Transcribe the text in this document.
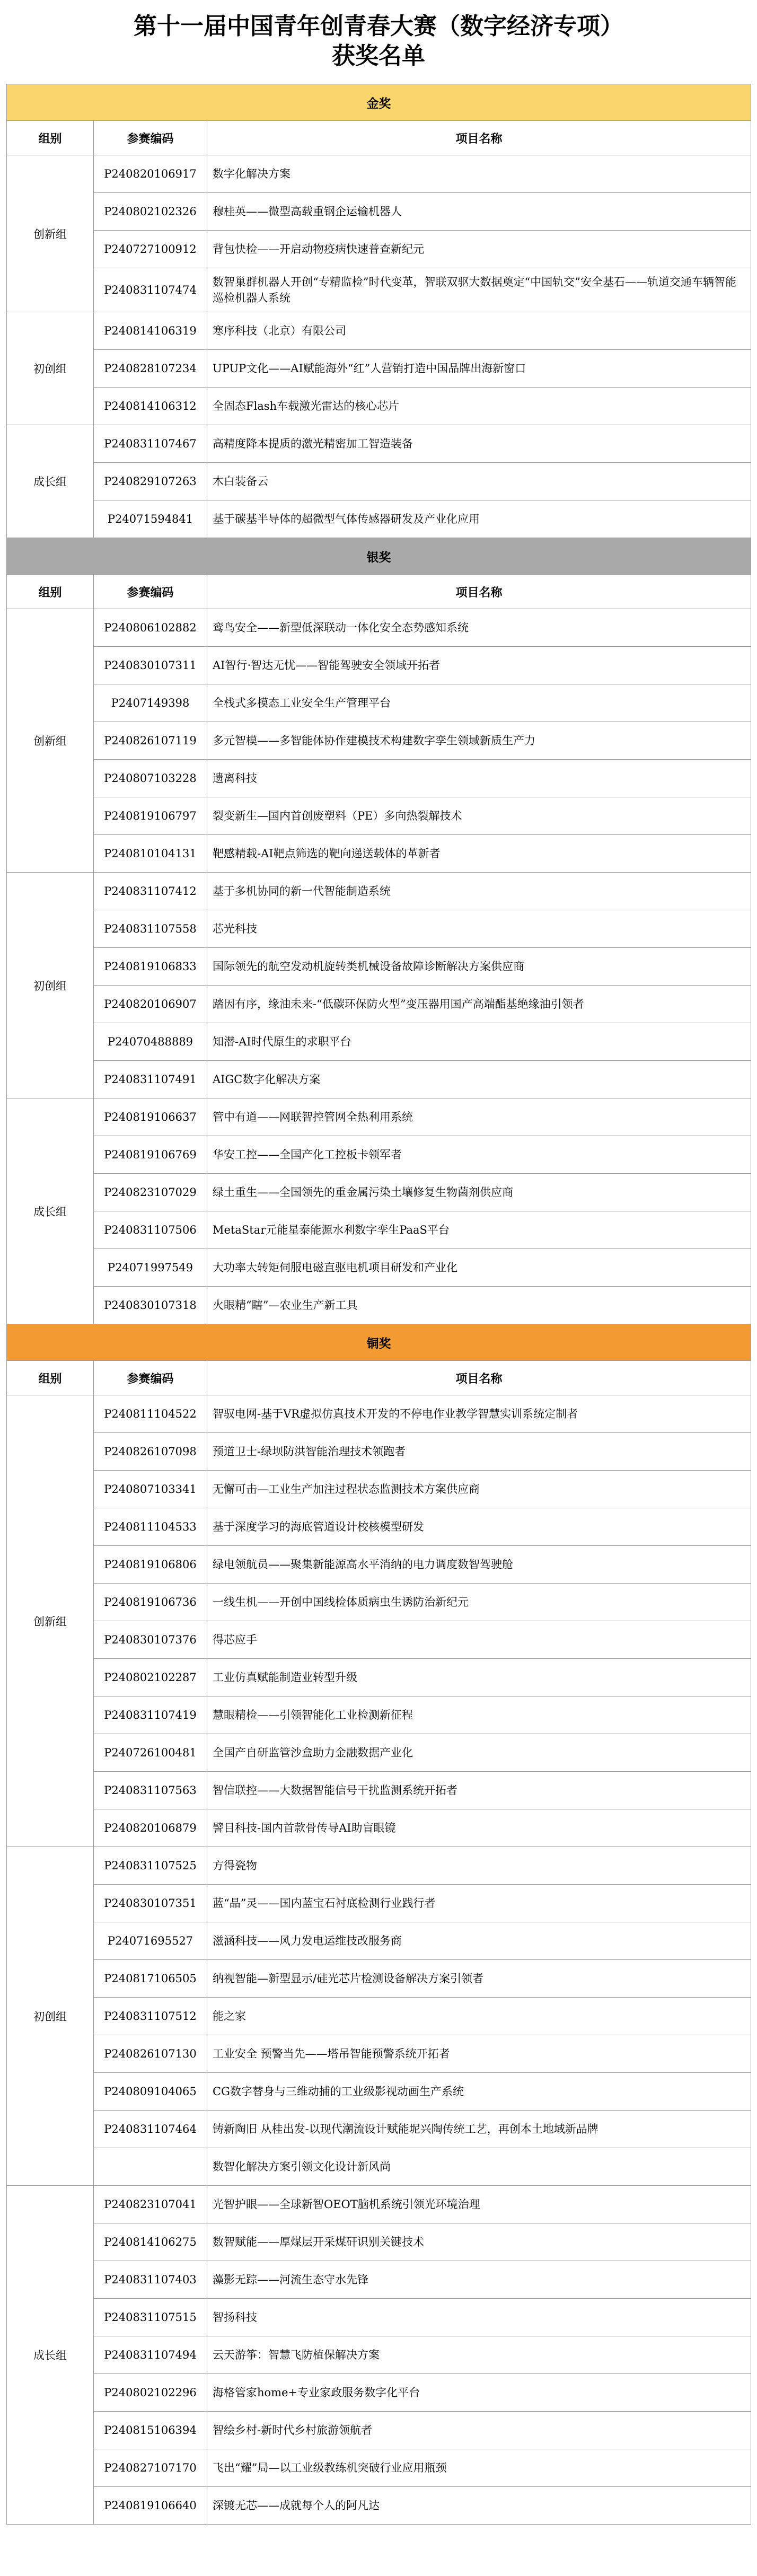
第十一届中国青年创青春大赛（数字经济专项）
获奖名单
金奖		
组别	参赛编码	项目名称
创新组	P240820106917	数字化解决方案
	P240802102326	穆桂英——微型高载重钢企运输机器人
	P240727100912	背包快检——开启动物疫病快速普查新纪元
	P240831107474	数智巢群机器人开创“专精监检”时代变革，智联双驱大数据奠定“中国轨交”安全基石——轨道交通车辆智能巡检机器人系统
初创组	P240814106319	寒序科技（北京）有限公司
	P240828107234	UPUP文化——AI赋能海外“红”人营销打造中国品牌出海新窗口
	P240814106312	全固态Flash车载激光雷达的核心芯片
成长组	P240831107467	高精度降本提质的激光精密加工智造装备
	P240829107263	木白装备云
	P24071594841	基于碳基半导体的超微型气体传感器研发及产业化应用
银奖		
组别	参赛编码	项目名称
创新组	P240806102882	鸾鸟安全——新型低深联动一体化安全态势感知系统
	P240830107311	AI智行·智达无忧——智能驾驶安全领域开拓者
	P2407149398	全栈式多模态工业安全生产管理平台
	P240826107119	多元智模——多智能体协作建模技术构建数字孪生领域新质生产力
	P240807103228	遗离科技
	P240819106797	裂变新生—国内首创废塑料（PE）多向热裂解技术
	P240810104131	靶感精载-AI靶点筛选的靶向递送载体的革新者
初创组	P240831107412	基于多机协同的新一代智能制造系统
	P240831107558	芯光科技
	P240819106833	国际领先的航空发动机旋转类机械设备故障诊断解决方案供应商
	P240820106907	踏因有序，缘油未来-“低碳环保防火型”变压器用国产高端酯基绝缘油引领者
	P24070488889	知潜-AI时代原生的求职平台
	P240831107491	AIGC数字化解决方案
成长组	P240819106637	管中有道——网联智控管网全热利用系统
	P240819106769	华安工控——全国产化工控板卡领军者
	P240823107029	绿土重生——全国领先的重金属污染土壤修复生物菌剂供应商
	P240831107506	MetaStar元能星泰能源水利数字孪生PaaS平台
	P24071997549	大功率大转矩伺服电磁直驱电机项目研发和产业化
	P240830107318	火眼精“瞎”—农业生产新工具
铜奖		
组别	参赛编码	项目名称
创新组	P240811104522	智驭电网-基于VR虚拟仿真技术开发的不停电作业教学智慧实训系统定制者
	P240826107098	预道卫士-绿坝防洪智能治理技术领跑者
	P240807103341	无懈可击—工业生产加注过程状态监测技术方案供应商
	P240811104533	基于深度学习的海底管道设计校核模型研发
	P240819106806	绿电领航员——聚集新能源高水平消纳的电力调度数智驾驶舱
	P240819106736	一线生机——开创中国线检体质病虫生诱防治新纪元
	P240830107376	得芯应手
	P240802102287	工业仿真赋能制造业转型升级
	P240831107419	慧眼精检——引领智能化工业检测新征程
	P240726100481	全国产自研监管沙盒助力金融数据产业化
	P240831107563	智信联控——大数据智能信号干扰监测系统开拓者
	P240820106879	譬目科技-国内首款骨传导AI助盲眼镜
初创组	P240831107525	方得瓷物
	P240830107351	蓝“晶”灵——国内蓝宝石衬底检测行业践行者
	P24071695527	滋涵科技——风力发电运维技改服务商
	P240817106505	纳视智能—新型显示/硅光芯片检测设备解决方案引领者
	P240831107512	能之家
	P240826107130	工业安全 预警当先——塔吊智能预警系统开拓者
	P240809104065	CG数字替身与三维动捕的工业级影视动画生产系统
	P240831107464	铸新陶旧 从桂出发-以现代潮流设计赋能坭兴陶传统工艺，再创本土地域新品牌
		数智化解决方案引领文化设计新风尚
成长组	P240823107041	光智护眼——全球新智OEOT脑机系统引领光环境治理
	P240814106275	数智赋能——厚煤层开采煤矸识别关键技术
	P240831107403	藻影无踪——河流生态守水先锋
	P240831107515	智扬科技
	P240831107494	云天游筝：智慧飞防植保解决方案
	P240802102296	海格管家home+专业家政服务数字化平台
	P240815106394	智绘乡村-新时代乡村旅游领航者
	P240827107170	飞出“耀”局—以工业级教练机突破行业应用瓶颈
	P240819106640	深镀无芯——成就每个人的阿凡达
